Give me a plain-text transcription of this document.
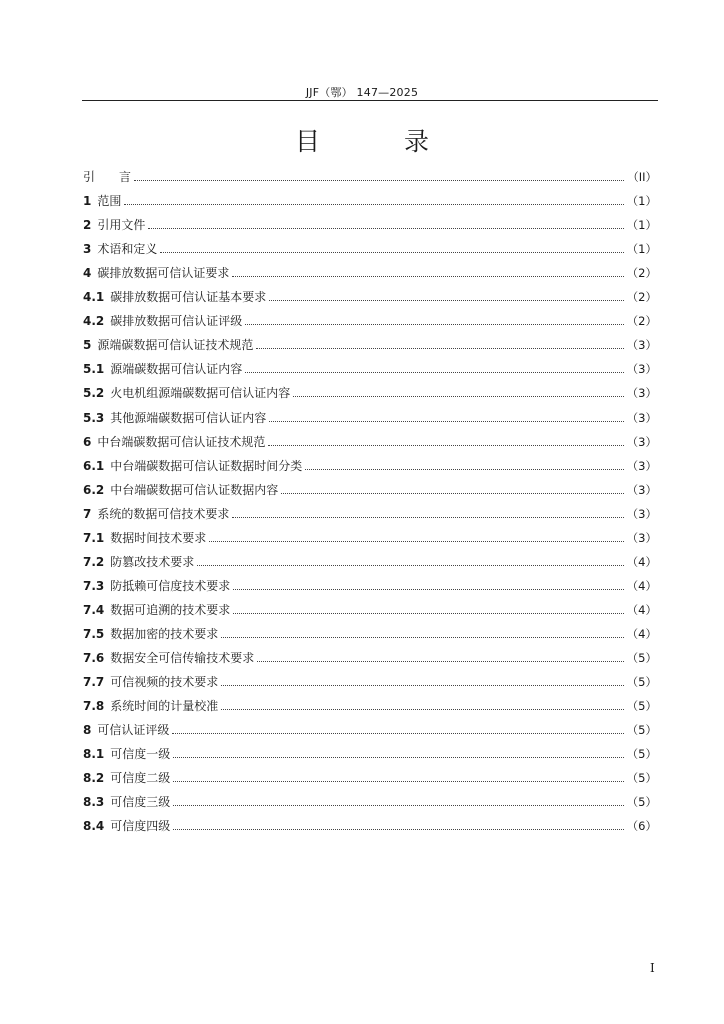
JJF（鄂） 147—2025
目 录
引　　言	（II）
1 范围	（1）
2 引用文件	（1）
3 术语和定义	（1）
4 碳排放数据可信认证要求	（2）
4.1 碳排放数据可信认证基本要求	（2）
4.2 碳排放数据可信认证评级	（2）
5 源端碳数据可信认证技术规范	（3）
5.1 源端碳数据可信认证内容	（3）
5.2 火电机组源端碳数据可信认证内容	（3）
5.3 其他源端碳数据可信认证内容	（3）
6 中台端碳数据可信认证技术规范	（3）
6.1 中台端碳数据可信认证数据时间分类	（3）
6.2 中台端碳数据可信认证数据内容	（3）
7 系统的数据可信技术要求	（3）
7.1 数据时间技术要求	（3）
7.2 防篡改技术要求	（4）
7.3 防抵赖可信度技术要求	（4）
7.4 数据可追溯的技术要求	（4）
7.5 数据加密的技术要求	（4）
7.6 数据安全可信传输技术要求	（5）
7.7 可信视频的技术要求	（5）
7.8 系统时间的计量校准	（5）
8 可信认证评级	（5）
8.1 可信度一级	（5）
8.2 可信度二级	（5）
8.3 可信度三级	（5）
8.4 可信度四级	（6）
I
